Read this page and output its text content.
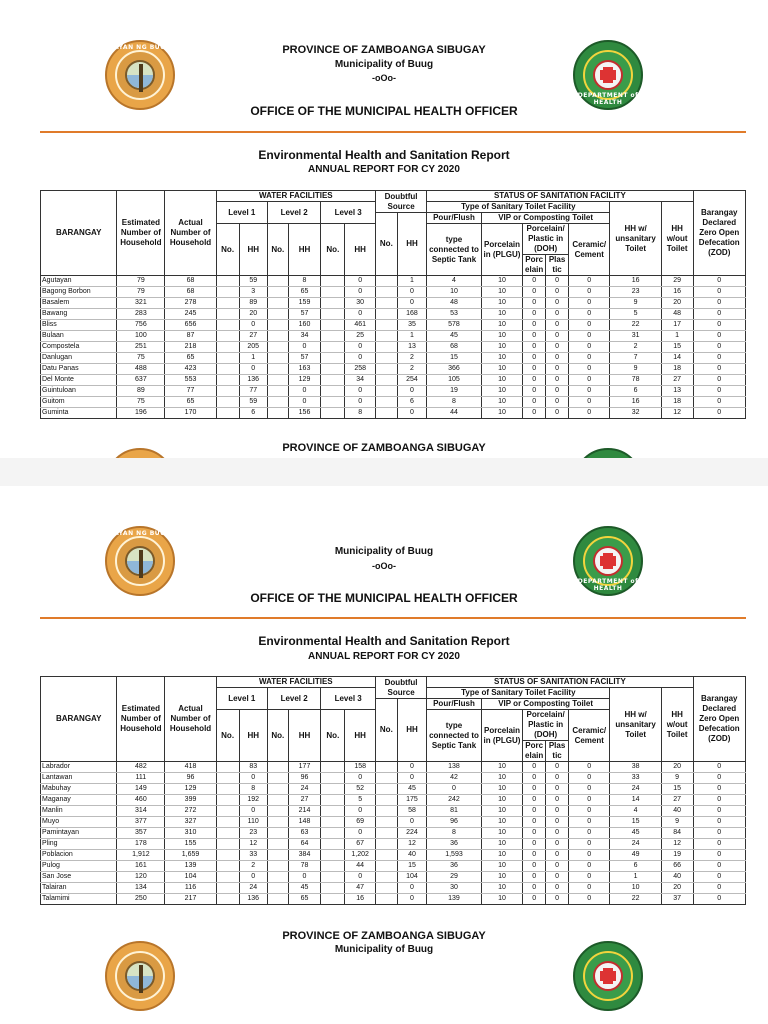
BAYAN NG BUUG
DEPARTMENT of HEALTH
PROVINCE OF ZAMBOANGA SIBUGAY
Municipality of Buug
-oOo-
OFFICE OF THE MUNICIPAL HEALTH OFFICER
Environmental Health and Sanitation Report
ANNUAL REPORT FOR CY 2020
BARANGAY	Estimated Number of Household	Actual Number of Household	WATER FACILITIES						Doubtful Source		STATUS OF SANITATION FACILITY							Barangay Declared Zero Open Defecation (ZOD)
			Level 1		Level 2		Level 3				Type of Sanitary Toilet Facility					HH w/ unsanitary Toilet	HH w/out Toilet	
									No.	HH	Pour/Flush	VIP or Composting Toilet						
			No.	HH	No.	HH	No.	HH			type connected to Septic Tank	Porcelain in (PLGU)	Porcelain/ Plastic in (DOH)		Ceramic/ Cement			
													Porc elain	Plas tic				
Agutayan	79	68		59		8		0		1	4	10	0	0	0	16	29	0
Bagong Borbon	79	68		3		65		0		0	10	10	0	0	0	23	16	0
Basalem	321	278		89		159		30		0	48	10	0	0	0	9	20	0
Bawang	283	245		20		57		0		168	53	10	0	0	0	5	48	0
Bliss	756	656		0		160		461		35	578	10	0	0	0	22	17	0
Bulaan	100	87		27		34		25		1	45	10	0	0	0	31	1	0
Compostela	251	218		205		0		0		13	68	10	0	0	0	2	15	0
Danlugan	75	65		1		57		0		2	15	10	0	0	0	7	14	0
Datu Panas	488	423		0		163		258		2	366	10	0	0	0	9	18	0
Del Monte	637	553		136		129		34		254	105	10	0	0	0	78	27	0
Guintuloan	89	77		77		0		0		0	19	10	0	0	0	6	13	0
Guitom	75	65		59		0		0		6	8	10	0	0	0	16	18	0
Guminta	196	170		6		156		8		0	44	10	0	0	0	32	12	0
PROVINCE OF ZAMBOANGA SIBUGAY
BAYAN NG BUUG
DEPARTMENT of HEALTH
Municipality of Buug
-oOo-
OFFICE OF THE MUNICIPAL HEALTH OFFICER
Environmental Health and Sanitation Report
ANNUAL REPORT FOR CY 2020
BARANGAY	Estimated Number of Household	Actual Number of Household	WATER FACILITIES						Doubtful Source		STATUS OF SANITATION FACILITY							Barangay Declared Zero Open Defecation (ZOD)
			Level 1		Level 2		Level 3				Type of Sanitary Toilet Facility					HH w/ unsanitary Toilet	HH w/out Toilet	
									No.	HH	Pour/Flush	VIP or Composting Toilet						
			No.	HH	No.	HH	No.	HH			type connected to Septic Tank	Porcelain in (PLGU)	Porcelain/ Plastic in (DOH)		Ceramic/ Cement			
													Porc elain	Plas tic				
Labrador	482	418		83		177		158		0	138	10	0	0	0	38	20	0
Lantawan	111	96		0		96		0		0	42	10	0	0	0	33	9	0
Mabuhay	149	129		8		24		52		45	0	10	0	0	0	24	15	0
Maganay	460	399		192		27		5		175	242	10	0	0	0	14	27	0
Manlin	314	272		0		214		0		58	81	10	0	0	0	4	40	0
Muyo	377	327		110		148		69		0	96	10	0	0	0	15	9	0
Pamintayan	357	310		23		63		0		224	8	10	0	0	0	45	84	0
Pling	178	155		12		64		67		12	36	10	0	0	0	24	12	0
Poblacion	1,912	1,659		33		384		1,202		40	1,593	10	0	0	0	49	19	0
Pulog	161	139		2		78		44		15	36	10	0	0	0	6	66	0
San Jose	120	104		0		0		0		104	29	10	0	0	0	1	40	0
Talairan	134	116		24		45		47		0	30	10	0	0	0	10	20	0
Talamimi	250	217		136		65		16		0	139	10	0	0	0	22	37	0
PROVINCE OF ZAMBOANGA SIBUGAY
Municipality of Buug
